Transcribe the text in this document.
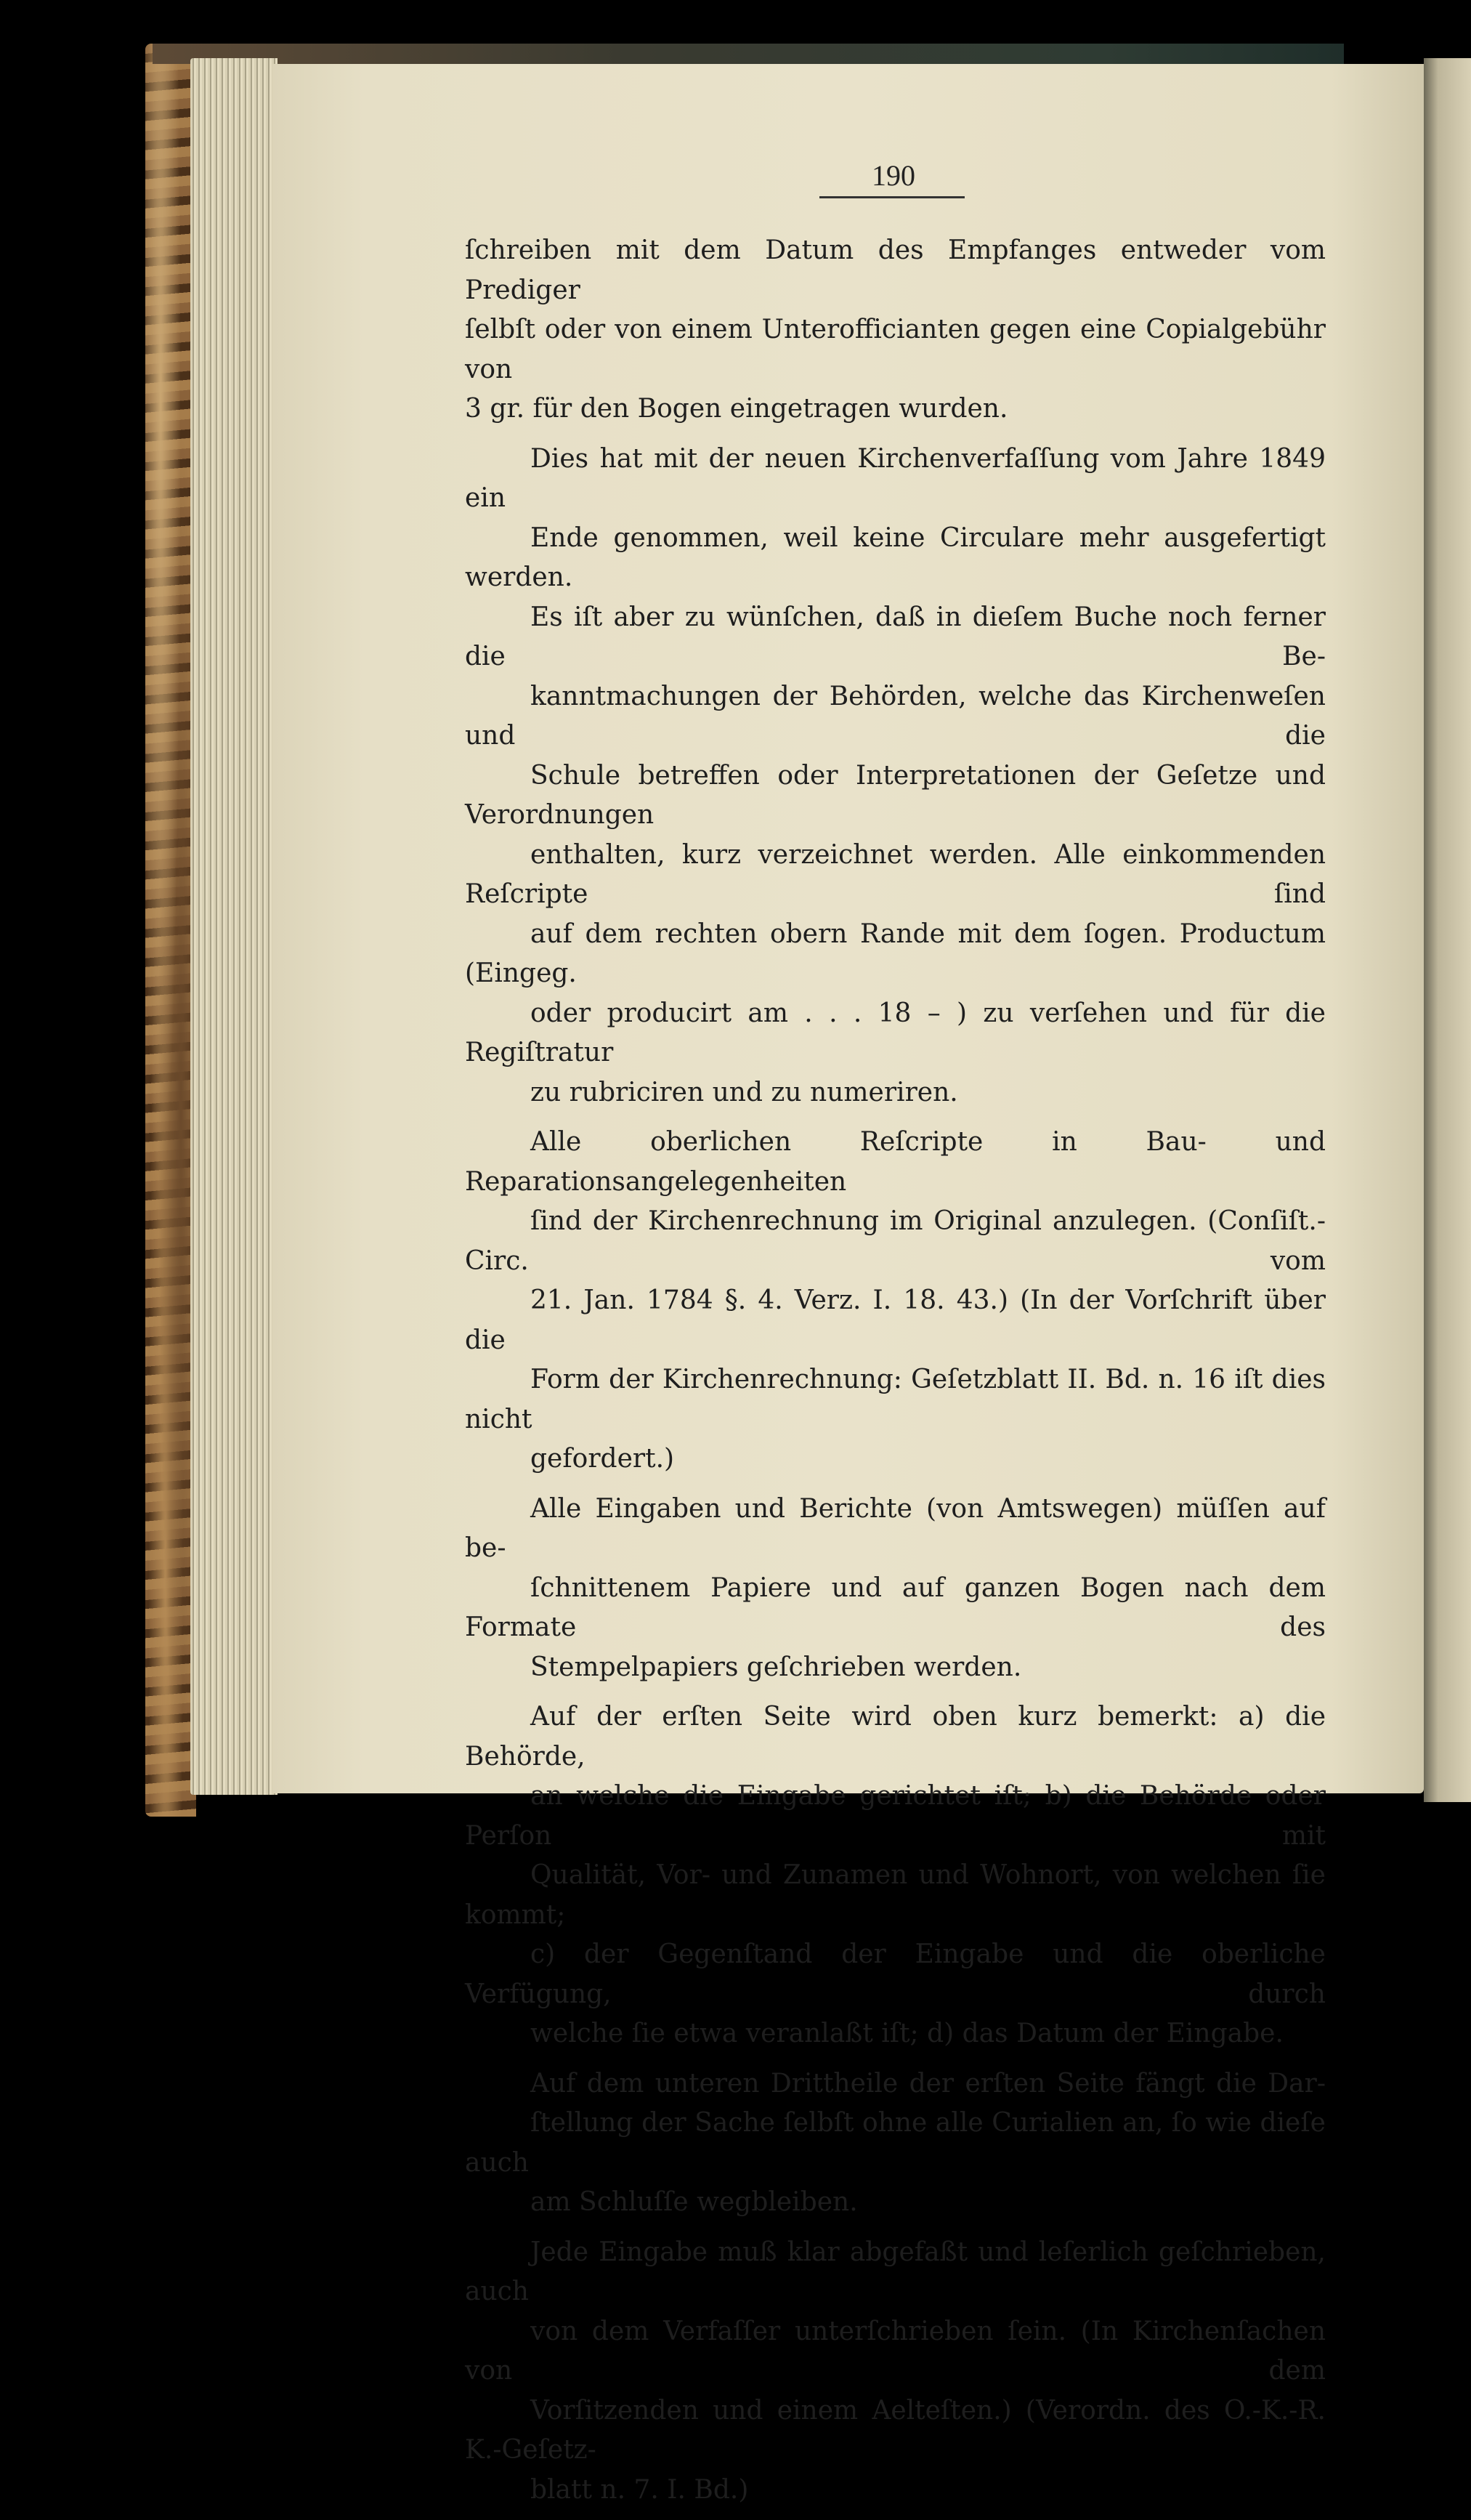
190

ſchreiben mit dem Datum des Empfanges entweder vom Prediger
ſelbſt oder von einem Unterofficianten gegen eine Copialgebühr von
3 gr. für den Bogen eingetragen wurden.

Dies hat mit der neuen Kirchenverfaſſung vom Jahre 1849 ein
Ende genommen, weil keine Circulare mehr ausgefertigt werden.
Es iſt aber zu wünſchen, daß in dieſem Buche noch ferner die Be-
kanntmachungen der Behörden, welche das Kirchenweſen und die
Schule betreffen oder Interpretationen der Geſetze und Verordnungen
enthalten, kurz verzeichnet werden. Alle einkommenden Reſcripte ſind
auf dem rechten obern Rande mit dem ſogen. Productum (Eingeg.
oder producirt am . . . 18 – ) zu verſehen und für die Regiſtratur
zu rubriciren und zu numeriren.

Alle oberlichen Reſcripte in Bau- und Reparationsangelegenheiten
ſind der Kirchenrechnung im Original anzulegen. (Conſiſt.-Circ. vom
21. Jan. 1784 §. 4. Verz. I. 18. 43.) (In der Vorſchrift über die
Form der Kirchenrechnung: Geſetzblatt II. Bd. n. 16 iſt dies nicht
gefordert.)

Alle Eingaben und Berichte (von Amtswegen) müſſen auf be-
ſchnittenem Papiere und auf ganzen Bogen nach dem Formate des
Stempelpapiers geſchrieben werden.

Auf der erſten Seite wird oben kurz bemerkt: a) die Behörde,
an welche die Eingabe gerichtet iſt; b) die Behörde oder Perſon mit
Qualität, Vor- und Zunamen und Wohnort, von welchen ſie kommt;
c) der Gegenſtand der Eingabe und die oberliche Verfügung, durch
welche ſie etwa veranlaßt iſt; d) das Datum der Eingabe.

Auf dem unteren Drittheile der erſten Seite fängt die Dar-
ſtellung der Sache ſelbſt ohne alle Curialien an, ſo wie dieſe auch
am Schluſſe wegbleiben.

Jede Eingabe muß klar abgefaßt und leſerlich geſchrieben, auch
von dem Verfaſſer unterſchrieben ſein. (In Kirchenſachen von dem
Vorſitzenden und einem Aelteſten.) (Verordn. des O.-K.-R. K.-Geſetz-
blatt n. 7. I. Bd.)
